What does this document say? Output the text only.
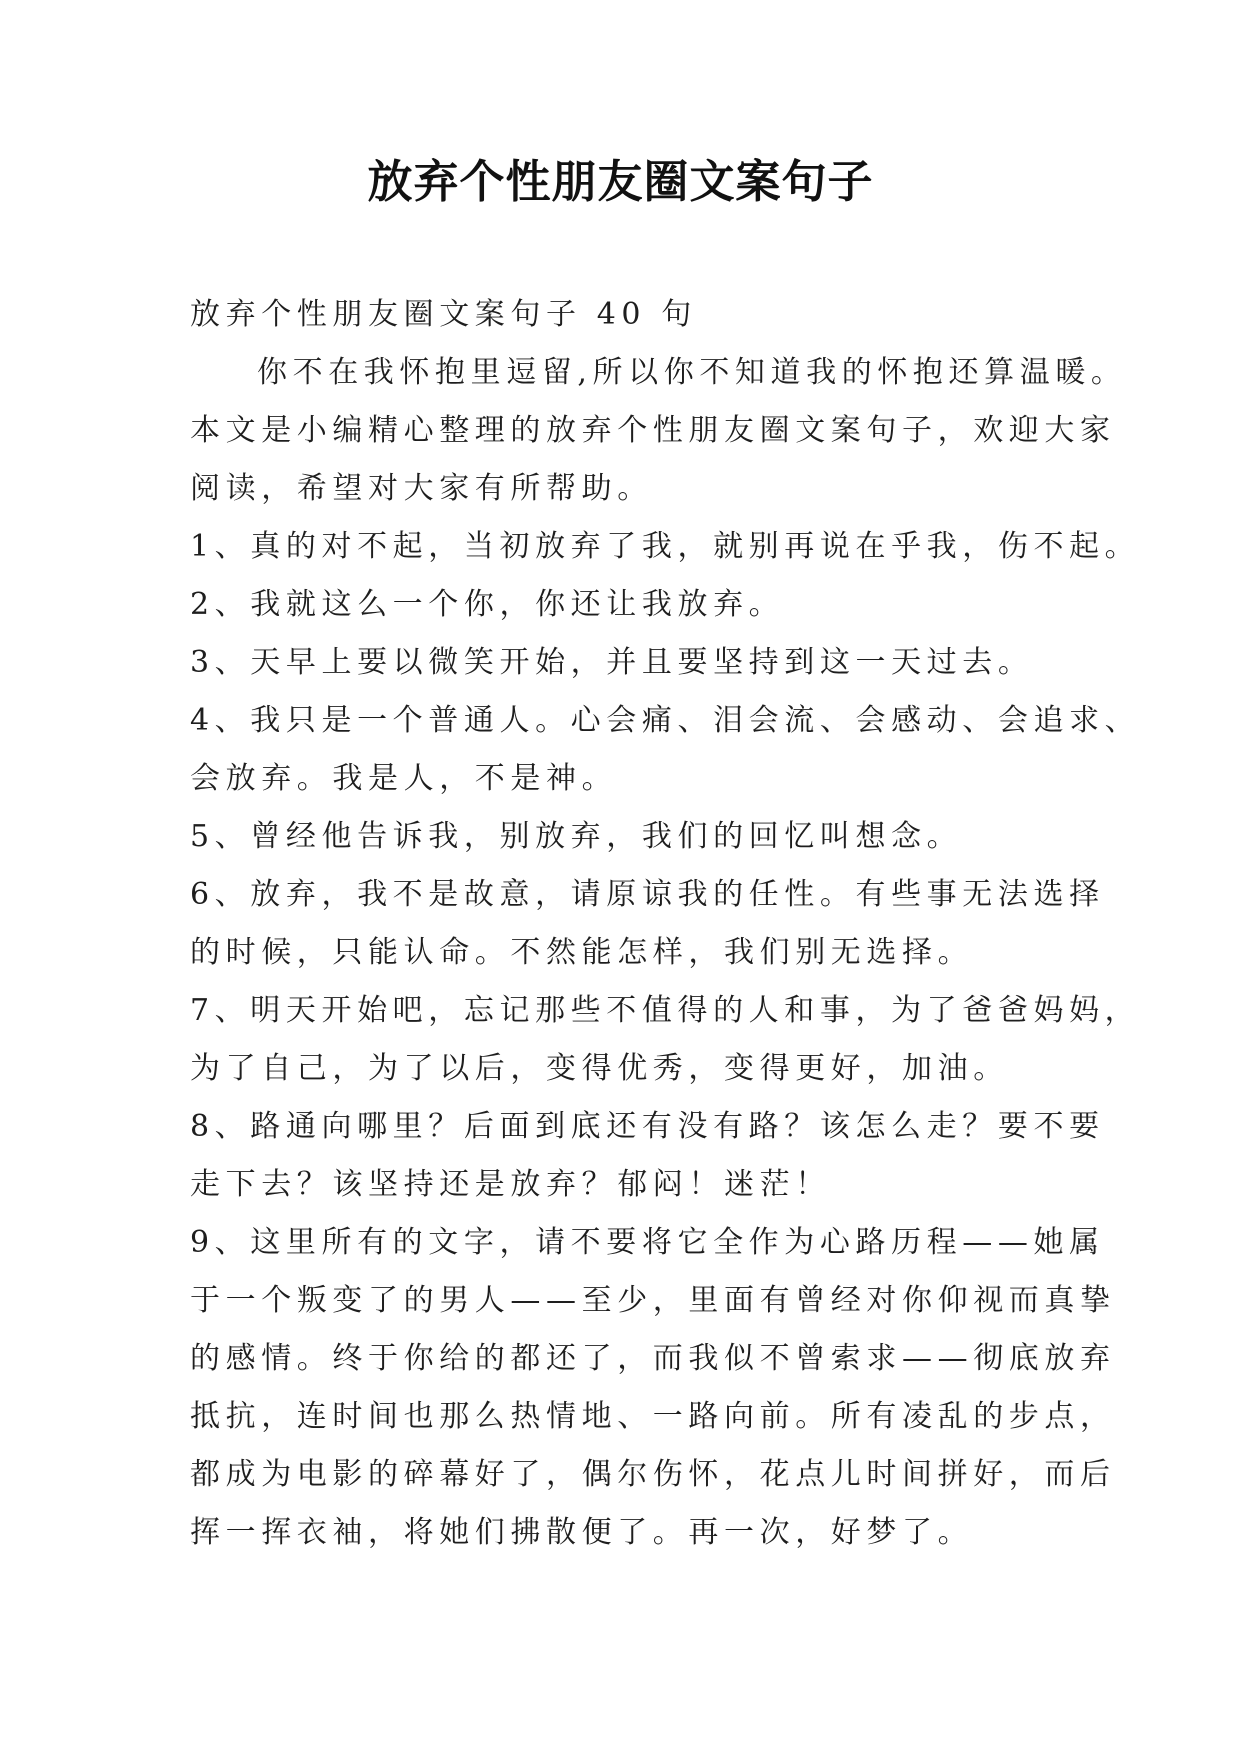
放弃个性朋友圈文案句子
放弃个性朋友圈文案句子 40 句
你不在我怀抱里逗留,所以你不知道我的怀抱还算温暖。
本文是小编精心整理的放弃个性朋友圈文案句子，欢迎大家
阅读，希望对大家有所帮助。
1、真的对不起，当初放弃了我，就别再说在乎我，伤不起。
2、我就这么一个你，你还让我放弃。
3、天早上要以微笑开始，并且要坚持到这一天过去。
4、我只是一个普通人。心会痛、泪会流、会感动、会追求、
会放弃。我是人，不是神。
5、曾经他告诉我，别放弃，我们的回忆叫想念。
6、放弃，我不是故意，请原谅我的任性。有些事无法选择
的时候，只能认命。不然能怎样，我们别无选择。
7、明天开始吧，忘记那些不值得的人和事，为了爸爸妈妈，
为了自己，为了以后，变得优秀，变得更好，加油。
8、路通向哪里？后面到底还有没有路？该怎么走？要不要
走下去？该坚持还是放弃？郁闷！迷茫！
9、这里所有的文字，请不要将它全作为心路历程——她属
于一个叛变了的男人——至少，里面有曾经对你仰视而真挚
的感情。终于你给的都还了，而我似不曾索求——彻底放弃
抵抗，连时间也那么热情地、一路向前。所有凌乱的步点，
都成为电影的碎幕好了，偶尔伤怀，花点儿时间拼好，而后
挥一挥衣袖，将她们拂散便了。再一次，好梦了。
